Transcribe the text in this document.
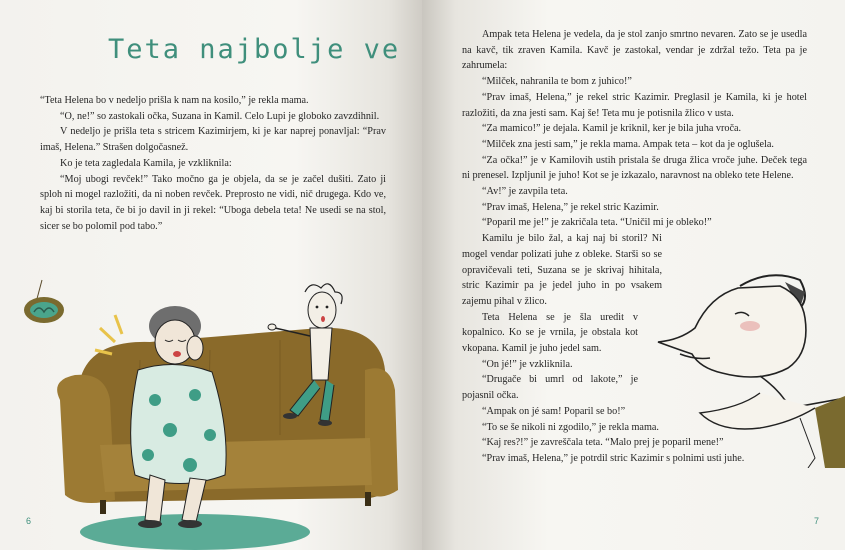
Teta najbolje ve

“Teta Helena bo v nedeljo prišla k nam na kosilo,” je rekla mama.

“O, ne!” so zastokali očka, Suzana in Kamil. Celo Lupi je globoko zavzdihnil.

V nedeljo je prišla teta s stricem Kazimirjem, ki je kar naprej ponavljal: “Prav imaš, Helena.” Strašen dolgočasnež.

Ko je teta zagledala Kamila, je vzkliknila:

“Moj ubogi revček!” Tako močno ga je objela, da se je začel dušiti. Zato ji sploh ni mogel razložiti, da ni noben revček. Preprosto ne vidi, nič drugega. Kdo ve, kaj bi storila teta, če bi jo davil in ji rekel: “Uboga debela teta! Ne usedi se na stol, sicer se bo polomil pod tabo.”

6	7

Ampak teta Helena je vedela, da je stol zanjo smrtno nevaren. Zato se je usedla na kavč, tik zraven Kamila. Kavč je zastokal, vendar je zdržal težo. Teta pa je zahrumela:

“Milček, nahranila te bom z juhico!”

“Prav imaš, Helena,” je rekel stric Kazimir. Preglasil je Kamila, ki je hotel razložiti, da zna jesti sam. Kaj še! Teta mu je potisnila žlico v usta.

“Za mamico!” je dejala. Kamil je kriknil, ker je bila juha vroča.

“Milček zna jesti sam,” je rekla mama. Ampak teta – kot da je oglušela.

“Za očka!” je v Kamilovih ustih pristala še druga žlica vroče juhe. Deček tega ni prenesel. Izpljunil je juho! Kot se je izkazalo, naravnost na obleko tete Helene.

“Av!” je zavpila teta.

“Prav imaš, Helena,” je rekel stric Kazimir.

“Poparil me je!” je zakričala teta. “Uničil mi je obleko!”

Kamilu je bilo žal, a kaj naj bi storil? Ni mogel vendar polizati juhe z obleke. Starši so se opravičevali teti, Suzana se je skrivaj hihitala, stric Kazimir pa je jedel juho in po vsakem zajemu pihal v žlico.

Teta Helena se je šla uredit v kopalnico. Ko se je vrnila, je obstala kot vkopana. Kamil je juho jedel sam.

“On jé!” je vzkliknila.

“Drugače bi umrl od lakote,” je pojasnil očka.

“Ampak on jé sam! Poparil se bo!”

“To se še nikoli ni zgodilo,” je rekla mama.

“Kaj res?!” je zavreščala teta. “Malo prej je poparil mene!”

“Prav imaš, Helena,” je potrdil stric Kazimir s polnimi usti juhe.
